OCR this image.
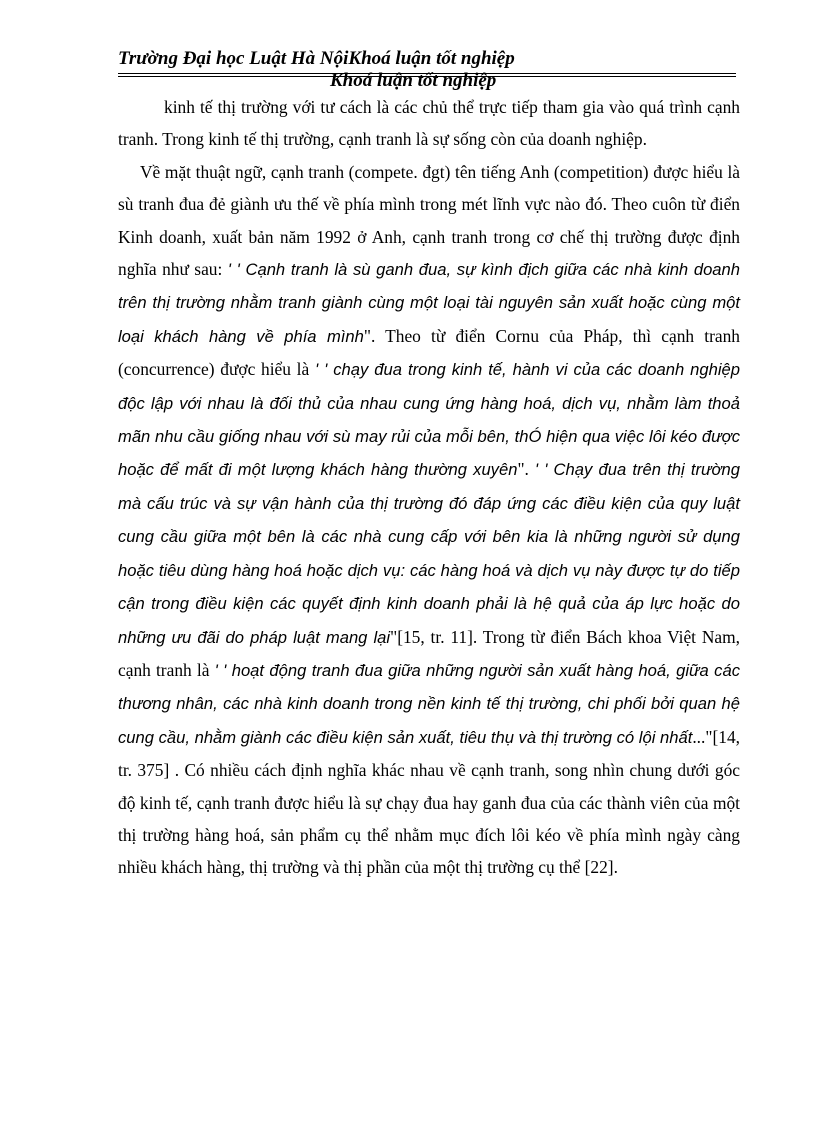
Trường Đại học Luật Hà NộiKhoá luận tốt nghiệp
Khoá luận tốt nghiệp

kinh tế thị trường với tư cách là các chủ thể trực tiếp tham gia vào quá trình cạnh tranh. Trong kinh tế thị trường, cạnh tranh là sự sống còn của doanh nghiệp.

Về mặt thuật ngữ, cạnh tranh (compete. đgt) tên tiếng Anh (competition) được hiểu là sù tranh đua đẻ giành ưu thế về phía mình trong mét lĩnh vực nào đó. Theo cuôn từ điển Kinh doanh, xuất bản năm 1992 ở Anh, cạnh tranh trong cơ chế thị trường được định nghĩa như sau: ' ' Cạnh tranh là sù ganh đua, sự kình địch giữa các nhà kinh doanh trên thị trường nhằm tranh giành cùng một loại tài nguyên sản xuất hoặc cùng một loại khách hàng về phía mình". Theo từ điển Cornu của Pháp, thì cạnh tranh (concurrence) được hiểu là ' ' chạy đua trong kinh tế, hành vi của các doanh nghiệp độc lập với nhau là đối thủ của nhau cung ứng hàng hoá, dịch vụ, nhằm làm thoả mãn nhu cầu giống nhau với sù may rủi của mỗi bên, thÓ hiện qua việc lôi kéo được hoặc để mất đi một lượng khách hàng thường xuyên". ' ' Chạy đua trên thị trường mà cấu trúc và sự vận hành của thị trường đó đáp ứng các điều kiện của quy luật cung cầu giữa một bên là các nhà cung cấp với bên kia là những người sử dụng hoặc tiêu dùng hàng hoá hoặc dịch vụ: các hàng hoá và dịch vụ này được tự do tiếp cận trong điều kiện các quyết định kinh doanh phải là hệ quả của áp lực hoặc do những ưu đãi do pháp luật mang lại"[15, tr. 11]. Trong từ điển Bách khoa Việt Nam, cạnh tranh là ' ' hoạt động tranh đua giữa những người sản xuất hàng hoá, giữa các thương nhân, các nhà kinh doanh trong nền kinh tế thị trường, chi phối bởi quan hệ cung cầu, nhằm giành các điều kiện sản xuất, tiêu thụ và thị trường có lội nhất..."[14, tr. 375] . Có nhiều cách định nghĩa khác nhau về cạnh tranh, song nhìn chung dưới góc độ kinh tế, cạnh tranh được hiểu là sự chạy đua hay ganh đua của các thành viên của một thị trường hàng hoá, sản phẩm cụ thể nhằm mục đích lôi kéo về phía mình ngày càng nhiều khách hàng, thị trường và thị phần của một thị trường cụ thể [22].
